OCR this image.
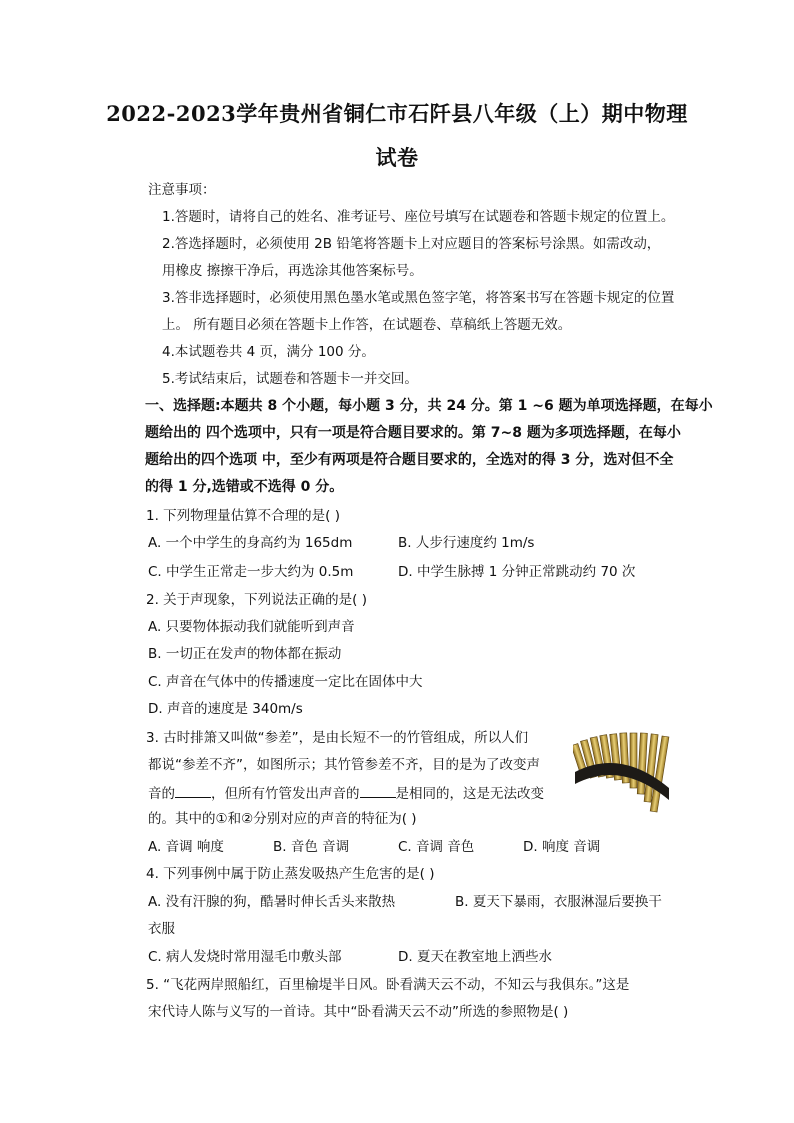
2022-2023学年贵州省铜仁市石阡县八年级（上）期中物理
试卷
注意事项：
1.答题时，请将自己的姓名、准考证号、座位号填写在试题卷和答题卡规定的位置上。
2.答选择题时，必须使用 2B 铅笔将答题卡上对应题目的答案标号涂黑。如需改动，
用橡皮 擦擦干净后，再选涂其他答案标号。
3.答非选择题时，必须使用黑色墨水笔或黑色签字笔，将答案书写在答题卡规定的位置
上。 所有题目必须在答题卡上作答，在试题卷、草稿纸上答题无效。
4.本试题卷共 4 页，满分 100 分。
5.考试结束后，试题卷和答题卡一并交回。
一、选择题:本题共 8 个小题，每小题 3 分，共 24 分。第 1 ~6 题为单项选择题，在每小
题给出的 四个选项中，只有一项是符合题目要求的。第 7~8 题为多项选择题，在每小
题给出的四个选项 中，至少有两项是符合题目要求的，全选对的得 3 分，选对但不全
的得 1 分,选错或不选得 0 分。
1. 下列物理量估算不合理的是( )
A. 一个中学生的身高约为 165dm	B. 人步行速度约 1m/s
C. 中学生正常走一步大约为 0.5m	D. 中学生脉搏 1 分钟正常跳动约 70 次
2. 关于声现象，下列说法正确的是( )
A. 只要物体振动我们就能听到声音
B. 一切正在发声的物体都在振动
C. 声音在气体中的传播速度一定比在固体中大
D. 声音的速度是 340m/s
3. 古时排箫又叫做“参差”，是由长短不一的竹管组成，所以人们
都说“参差不齐”，如图所示；其竹管参差不齐，目的是为了改变声
音的	，但所有竹管发出声音的	是相同的，这是无法改变
的。其中的①和②分别对应的声音的特征为( )
A. 音调 响度	B. 音色 音调	C. 音调 音色	D. 响度 音调
4. 下列事例中属于防止蒸发吸热产生危害的是( )
A. 没有汗腺的狗，酷暑时伸长舌头来散热	B. 夏天下暴雨，衣服淋湿后要换干
衣服
C. 病人发烧时常用湿毛巾敷头部	D. 夏天在教室地上洒些水
5. “飞花两岸照船红，百里榆堤半日风。卧看满天云不动，不知云与我俱东。”这是
宋代诗人陈与义写的一首诗。其中“卧看满天云不动”所选的参照物是( )
